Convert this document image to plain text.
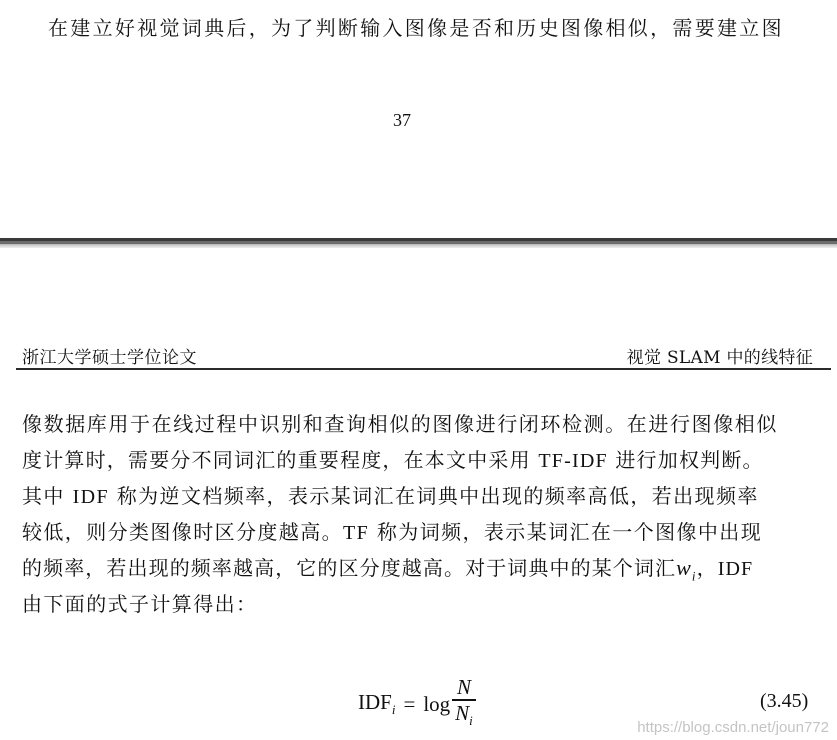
在建立好视觉词典后，为了判断输入图像是否和历史图像相似，需要建立图
37
浙江大学硕士学位论文	视觉 SLAM 中的线特征
像数据库用于在线过程中识别和查询相似的图像进行闭环检测。在进行图像相似
度计算时，需要分不同词汇的重要程度，在本文中采用 TF-IDF 进行加权判断。
其中 IDF 称为逆文档频率，表示某词汇在词典中出现的频率高低，若出现频率
较低，则分类图像时区分度越高。TF 称为词频，表示某词汇在一个图像中出现
的频率，若出现的频率越高，它的区分度越高。对于词典中的某个词汇$w_i$，IDF
由下面的式子计算得出：
$IDF_i = \log \frac{N}{N_i}$	(3.45)
https://blog.csdn.net/joun772
